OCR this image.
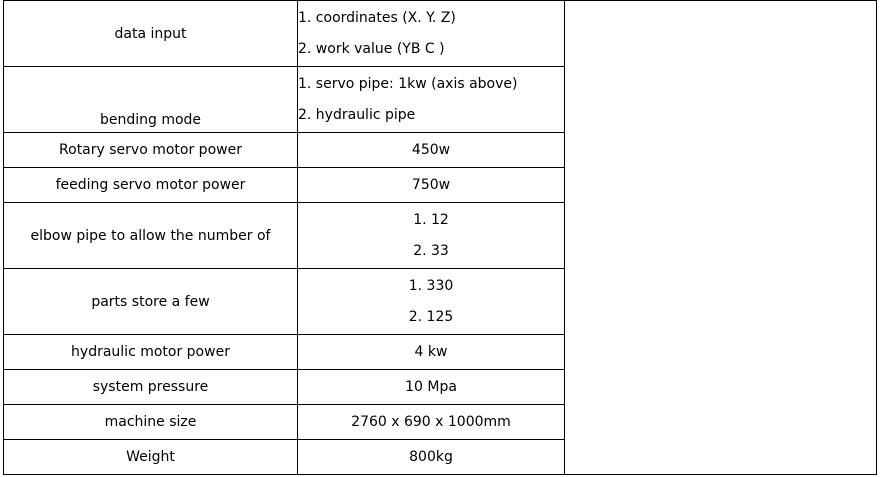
data input	1. coordinates (X. Y. Z)
2. work value (YB C )	

bending mode	1. servo pipe: 1kw (axis above)
2. hydraulic pipe	

Rotary servo motor power	450w	
feeding servo motor power	750w	
elbow pipe to allow the number of	1. 12
2. 33	

parts store a few	1. 330
2. 125	

hydraulic motor power	4 kw	
system pressure	10 Mpa	
machine size	2760 x 690 x 1000mm	
Weight	800kg	
